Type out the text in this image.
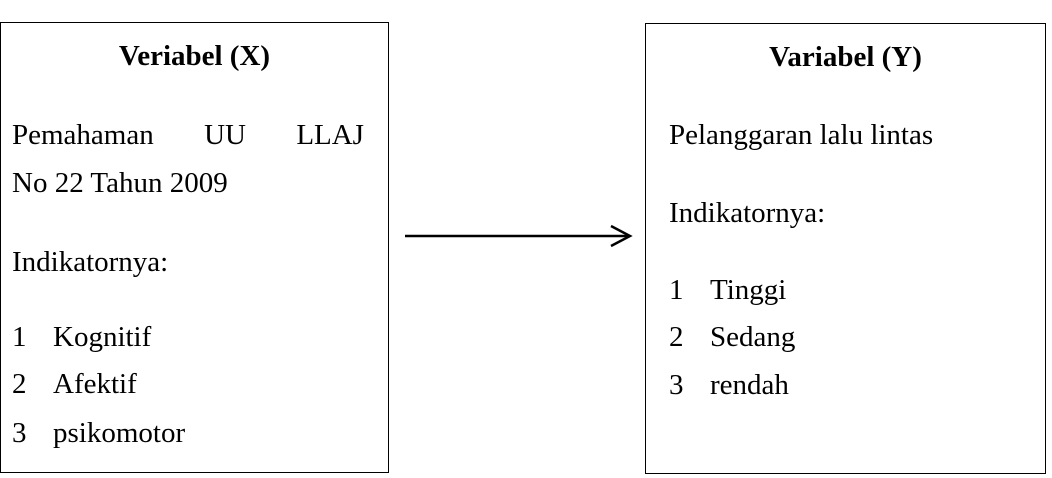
Veriabel (X)
Pemahaman UU LLAJ
No 22 Tahun 2009
Indikatornya:
1 Kognitif
2 Afektif
3 psikomotor
Variabel (Y)
Pelanggaran lalu lintas
Indikatornya:
1 Tinggi
2 Sedang
3 rendah
